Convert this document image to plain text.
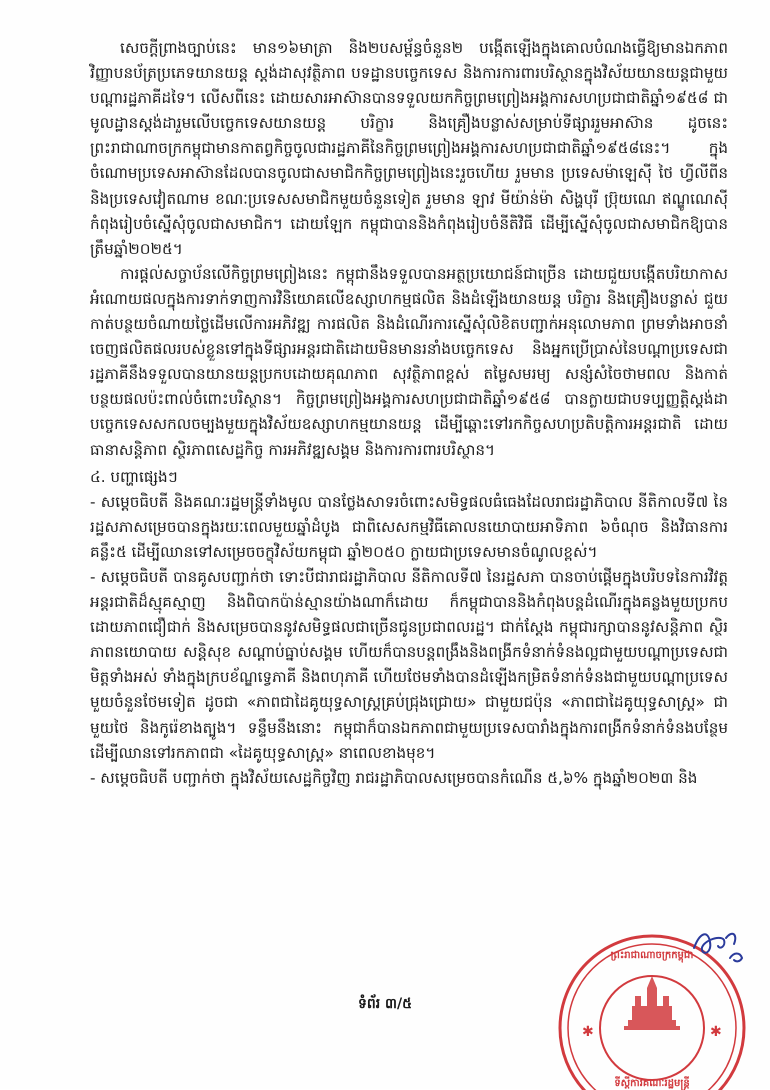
សេចក្ដីព្រាងច្បាប់នេះ មាន១៦មាត្រា និង២បសម្ព័ន្ធចំនួន២ បង្កើតឡើងក្នុងគោលបំណងធ្វើឱ្យមានឯកភាពវិញ្ញាបនប័ត្រប្រភេទយានយន្ត ស្ដង់ដាសុវត្ថិភាព បទដ្ឋានបច្ចេកទេស និងការការពារបរិស្ថានក្នុងវិស័យយានយន្តជាមួយបណ្ដារដ្ឋភាគីដទៃ។ លើសពីនេះ ដោយសារអាស៊ានបានទទួលយកកិច្ចព្រមព្រៀងអង្គការសហប្រជាជាតិឆ្នាំ១៩៥៨ ជាមូលដ្ឋានស្ដង់ដារួមលើបច្ចេកទេសយានយន្ត បរិក្ខារ និងគ្រឿងបន្លាស់សម្រាប់ទីផ្សាររួមអាស៊ាន ដូចនេះ ព្រះរាជាណាចក្រកម្ពុជាមានកាតព្វកិច្ចចូលជារដ្ឋភាគីនៃកិច្ចព្រមព្រៀងអង្គការសហប្រជាជាតិឆ្នាំ១៩៥៨នេះ។ ក្នុងចំណោមប្រទេសអាស៊ានដែលបានចូលជាសមាជិកកិច្ចព្រមព្រៀងនេះរួចហើយ រួមមាន ប្រទេសម៉ាឡេស៊ី ថៃ ហ្វីលីពីន និងប្រទេសវៀតណាម ខណៈប្រទេសសមាជិកមួយចំនួនទៀត រួមមាន ឡាវ មីយ៉ាន់ម៉ា សិង្ហបុរី ប្រ៊ុយណេ ឥណ្ឌូណេស៊ី កំពុងរៀបចំស្នើសុំចូលជាសមាជិក។ ដោយឡែក កម្ពុជាបាននិងកំពុងរៀបចំនីតិវិធី ដើម្បីស្នើសុំចូលជាសមាជិកឱ្យបានត្រឹមឆ្នាំ២០២៥។

ការផ្ដល់សច្ចាប័នលើកិច្ចព្រមព្រៀងនេះ កម្ពុជានឹងទទួលបានអត្ថប្រយោជន៍ជាច្រើន ដោយជួយបង្កើតបរិយាកាសអំណោយផលក្នុងការទាក់ទាញការវិនិយោគលើឧស្សាហកម្មផលិត និងដំឡើងយានយន្ត បរិក្ខារ និងគ្រឿងបន្លាស់ ជួយកាត់បន្ថយចំណាយថ្លៃដើមលើការអភិវឌ្ឍ ការផលិត និងដំណើរការស្នើសុំលិខិតបញ្ជាក់អនុលោមភាព ព្រមទាំងអាចនាំចេញផលិតផលរបស់ខ្លួនទៅក្នុងទីផ្សារអន្តរជាតិដោយមិនមានរនាំងបច្ចេកទេស និងអ្នកប្រើប្រាស់នៃបណ្ដាប្រទេសជារដ្ឋភាគីនឹងទទួលបានយានយន្តប្រកបដោយគុណភាព សុវត្ថិភាពខ្ពស់ តម្លៃសមរម្យ សន្សំសំចៃថាមពល និងកាត់បន្ថយផលប៉ះពាល់ចំពោះបរិស្ថាន។ កិច្ចព្រមព្រៀងអង្គការសហប្រជាជាតិឆ្នាំ១៩៥៨ បានក្លាយជាបទប្បញ្ញត្តិស្ដង់ដាបច្ចេកទេសសកលចម្បងមួយក្នុងវិស័យឧស្សាហកម្មយានយន្ត ដើម្បីឆ្ពោះទៅរកកិច្ចសហប្រតិបត្តិការអន្តរជាតិ ដោយធានាសន្តិភាព ស្ថិរភាពសេដ្ឋកិច្ច ការអភិវឌ្ឍសង្គម និងការការពារបរិស្ថាន។

៤. បញ្ហាផ្សេងៗ

- សម្ដេចធិបតី និងគណៈរដ្ឋមន្ត្រីទាំងមូល បានថ្លែងសាទរចំពោះសមិទ្ធផលធំធេងដែលរាជរដ្ឋាភិបាល នីតិកាលទី៧ នៃរដ្ឋសភាសម្រេចបានក្នុងរយៈពេលមួយឆ្នាំដំបូង ជាពិសេសកម្មវិធីគោលនយោបាយអាទិភាព ៦ចំណុច និងវិធានការគន្លឹះ៥ ដើម្បីឈានទៅសម្រេចចក្ខុវិស័យកម្ពុជា ឆ្នាំ២០៥០ ក្លាយជាប្រទេសមានចំណូលខ្ពស់។

- សម្ដេចធិបតី បានគូសបញ្ជាក់ថា ទោះបីជារាជរដ្ឋាភិបាល នីតិកាលទី៧ នៃរដ្ឋសភា បានចាប់ផ្ដើមក្នុងបរិបទនៃការវិវត្តអន្តរជាតិដ៏ស្មុគស្មាញ និងពិបាកប៉ាន់ស្មានយ៉ាងណាក៏ដោយ ក៏កម្ពុជាបាននិងកំពុងបន្តដំណើរក្នុងគន្លងមួយប្រកបដោយភាពជឿជាក់ និងសម្រេចបាននូវសមិទ្ធផលជាច្រើនជូនប្រជាពលរដ្ឋ។ ជាក់ស្ដែង កម្ពុជារក្សាបាននូវសន្តិភាព ស្ថិរភាពនយោបាយ សន្តិសុខ សណ្ដាប់ធ្នាប់សង្គម ហើយក៏បានបន្តពង្រឹងនិងពង្រីកទំនាក់ទំនងល្អជាមួយបណ្ដាប្រទេសជាមិត្តទាំងអស់ ទាំងក្នុងក្របខ័ណ្ឌទ្វេភាគី និងពហុភាគី ហើយថែមទាំងបានដំឡើងកម្រិតទំនាក់ទំនងជាមួយបណ្ដាប្រទេសមួយចំនួនថែមទៀត ដូចជា «ភាពជាដៃគូយុទ្ធសាស្ត្រគ្រប់ជ្រុងជ្រោយ» ជាមួយជប៉ុន «ភាពជាដៃគូយុទ្ធសាស្ត្រ» ជាមួយថៃ និងកូរ៉េខាងត្បូង។ ទន្ទឹមនឹងនោះ កម្ពុជាក៏បានឯកភាពជាមួយប្រទេសបារាំងក្នុងការពង្រីកទំនាក់ទំនងបន្ថែមដើម្បីឈានទៅរកភាពជា «ដៃគូយុទ្ធសាស្ត្រ» នាពេលខាងមុខ។

- សម្ដេចធិបតី បញ្ជាក់ថា ក្នុងវិស័យសេដ្ឋកិច្ចវិញ រាជរដ្ឋាភិបាលសម្រេចបានកំណើន ៥,៦% ក្នុងឆ្នាំ២០២៣ និង

ទំព័រ ៣/៥
ព្រះរាជាណាចក្រកម្ពុជា
ទីស្ដីការគណៈរដ្ឋមន្ត្រី
✱	✱
